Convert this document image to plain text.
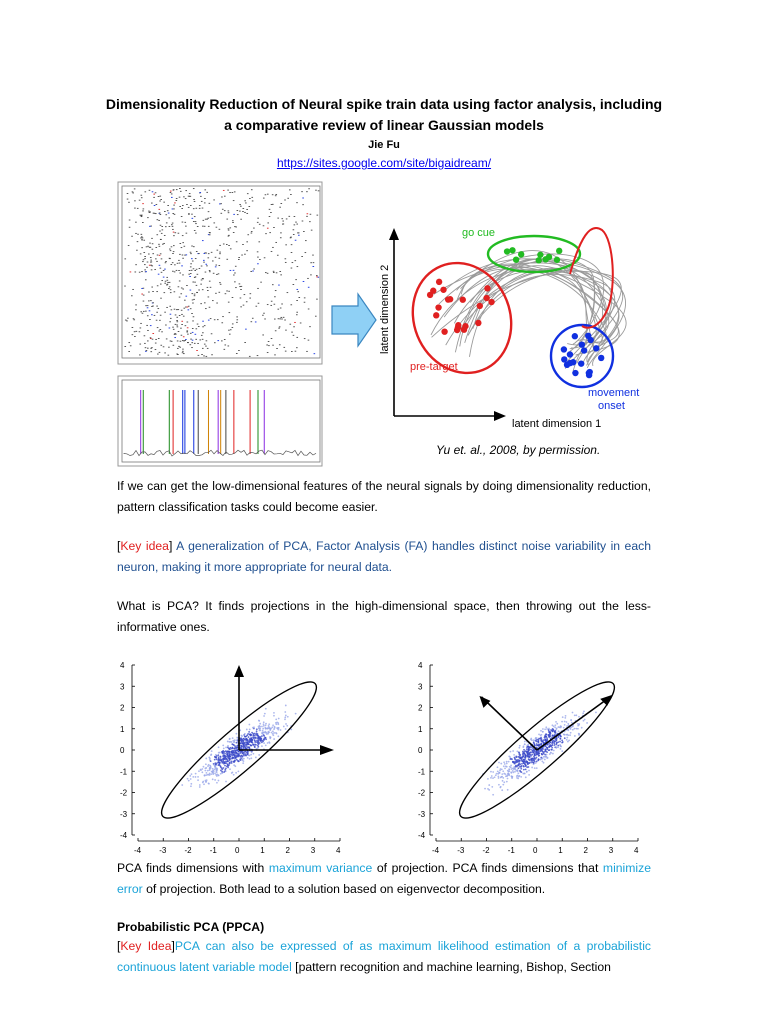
Dimensionality Reduction of Neural spike train data using factor analysis, including
a comparative review of linear Gaussian models
Jie Fu
https://sites.google.com/site/bigaidream/
latent dimension 2
latent dimension 1
go cue
pre-target
movement
onset
Yu et. al., 2008, by permission.
If we can get the low-dimensional features of the neural signals by doing dimensionality reduction, pattern classification tasks could become easier.
[Key idea] A generalization of PCA, Factor Analysis (FA) handles distinct noise variability in each neuron, making it more appropriate for neural data.
What is PCA? It finds projections in the high-dimensional space, then throwing out the less-informative ones.
4
3
2
1
0
-1
-2
-3
-4
-4 -3 -2 -1 0	1	2	3	4
4
3
2
1
0
-1
-2
-3
-4
-4 -3 -2 -1 0	1	2	3	4
PCA finds dimensions with maximum variance of projection. PCA finds dimensions that minimize error of projection. Both lead to a solution based on eigenvector decomposition.
Probabilistic PCA (PPCA)
[Key Idea]PCA can also be expressed of as maximum likelihood estimation of a probabilistic continuous latent variable model [pattern recognition and machine learning, Bishop, Section
